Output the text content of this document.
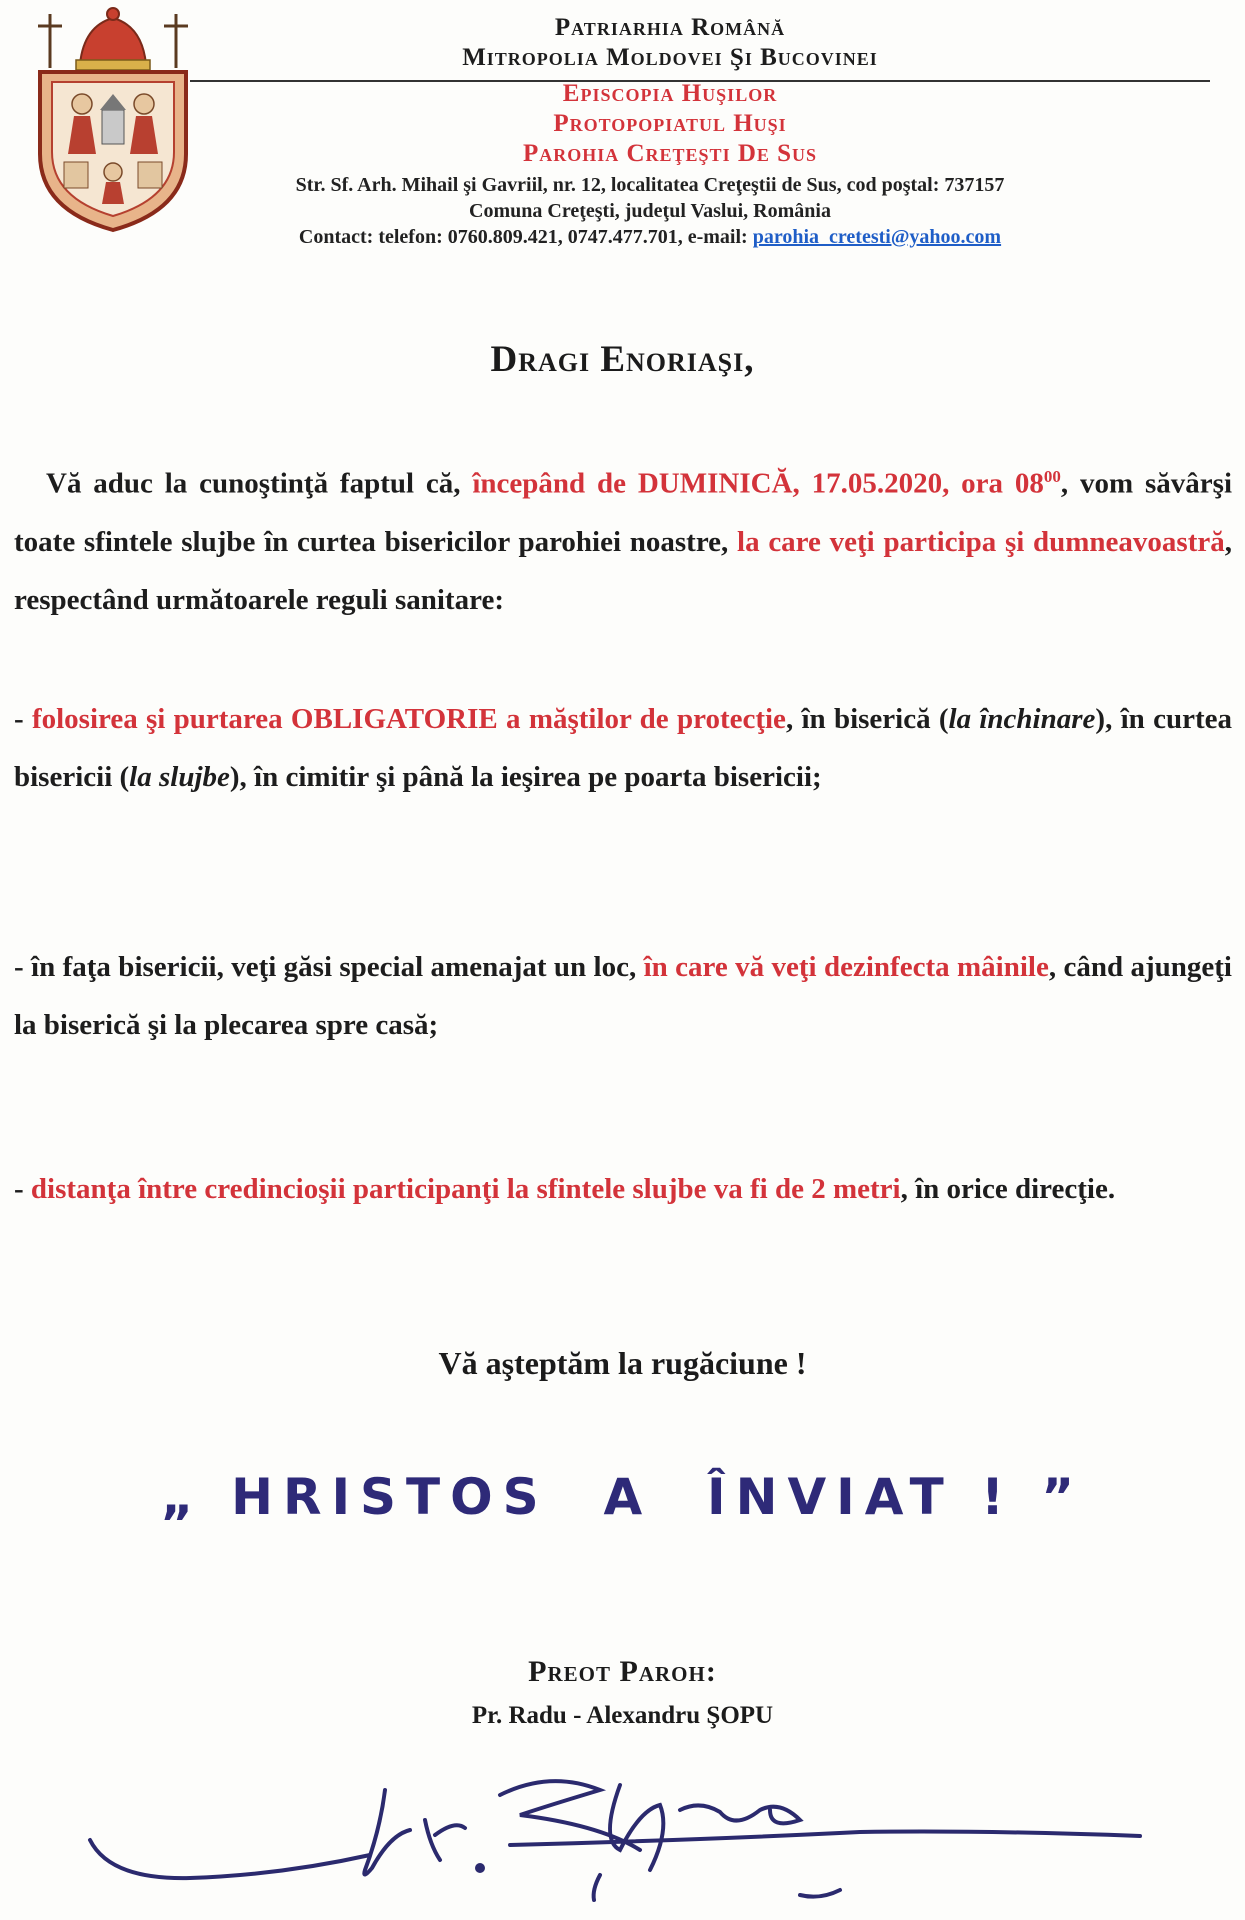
Patriarhia Română
Mitropolia Moldovei Şi Bucovinei
Episcopia Huşilor
Protopopiatul Huşi
Parohia Creţeşti De Sus
Str. Sf. Arh. Mihail şi Gavriil, nr. 12, localitatea Creţeştii de Sus, cod poştal: 737157
Comuna Creţeşti, judeţul Vaslui, România
Contact: telefon: 0760.809.421, 0747.477.701, e-mail: parohia_cretesti@yahoo.com
Dragi Enoriaşi,
Vă aduc la cunoştinţă faptul că, începând de DUMINICĂ, 17.05.2020, ora $08^{00}$, vom săvârşi toate sfintele slujbe în curtea bisericilor parohiei noastre, la care veţi participa şi dumneavoastră, respectând următoarele reguli sanitare:
- folosirea şi purtarea OBLIGATORIE a măştilor de protecţie, în biserică (la închinare), în curtea bisericii (la slujbe), în cimitir şi până la ieşirea pe poarta bisericii;
- în faţa bisericii, veţi găsi special amenajat un loc, în care vă veţi dezinfecta mâinile, când ajungeţi la biserică şi la plecarea spre casă;
- distanţa între credincioşii participanţi la sfintele slujbe va fi de 2 metri, în orice direcţie.
Vă aşteptăm la rugăciune !
„ HRISTOS  A  ÎNVIAT ! ”
Preot Paroh:
Pr. Radu - Alexandru ŞOPU
